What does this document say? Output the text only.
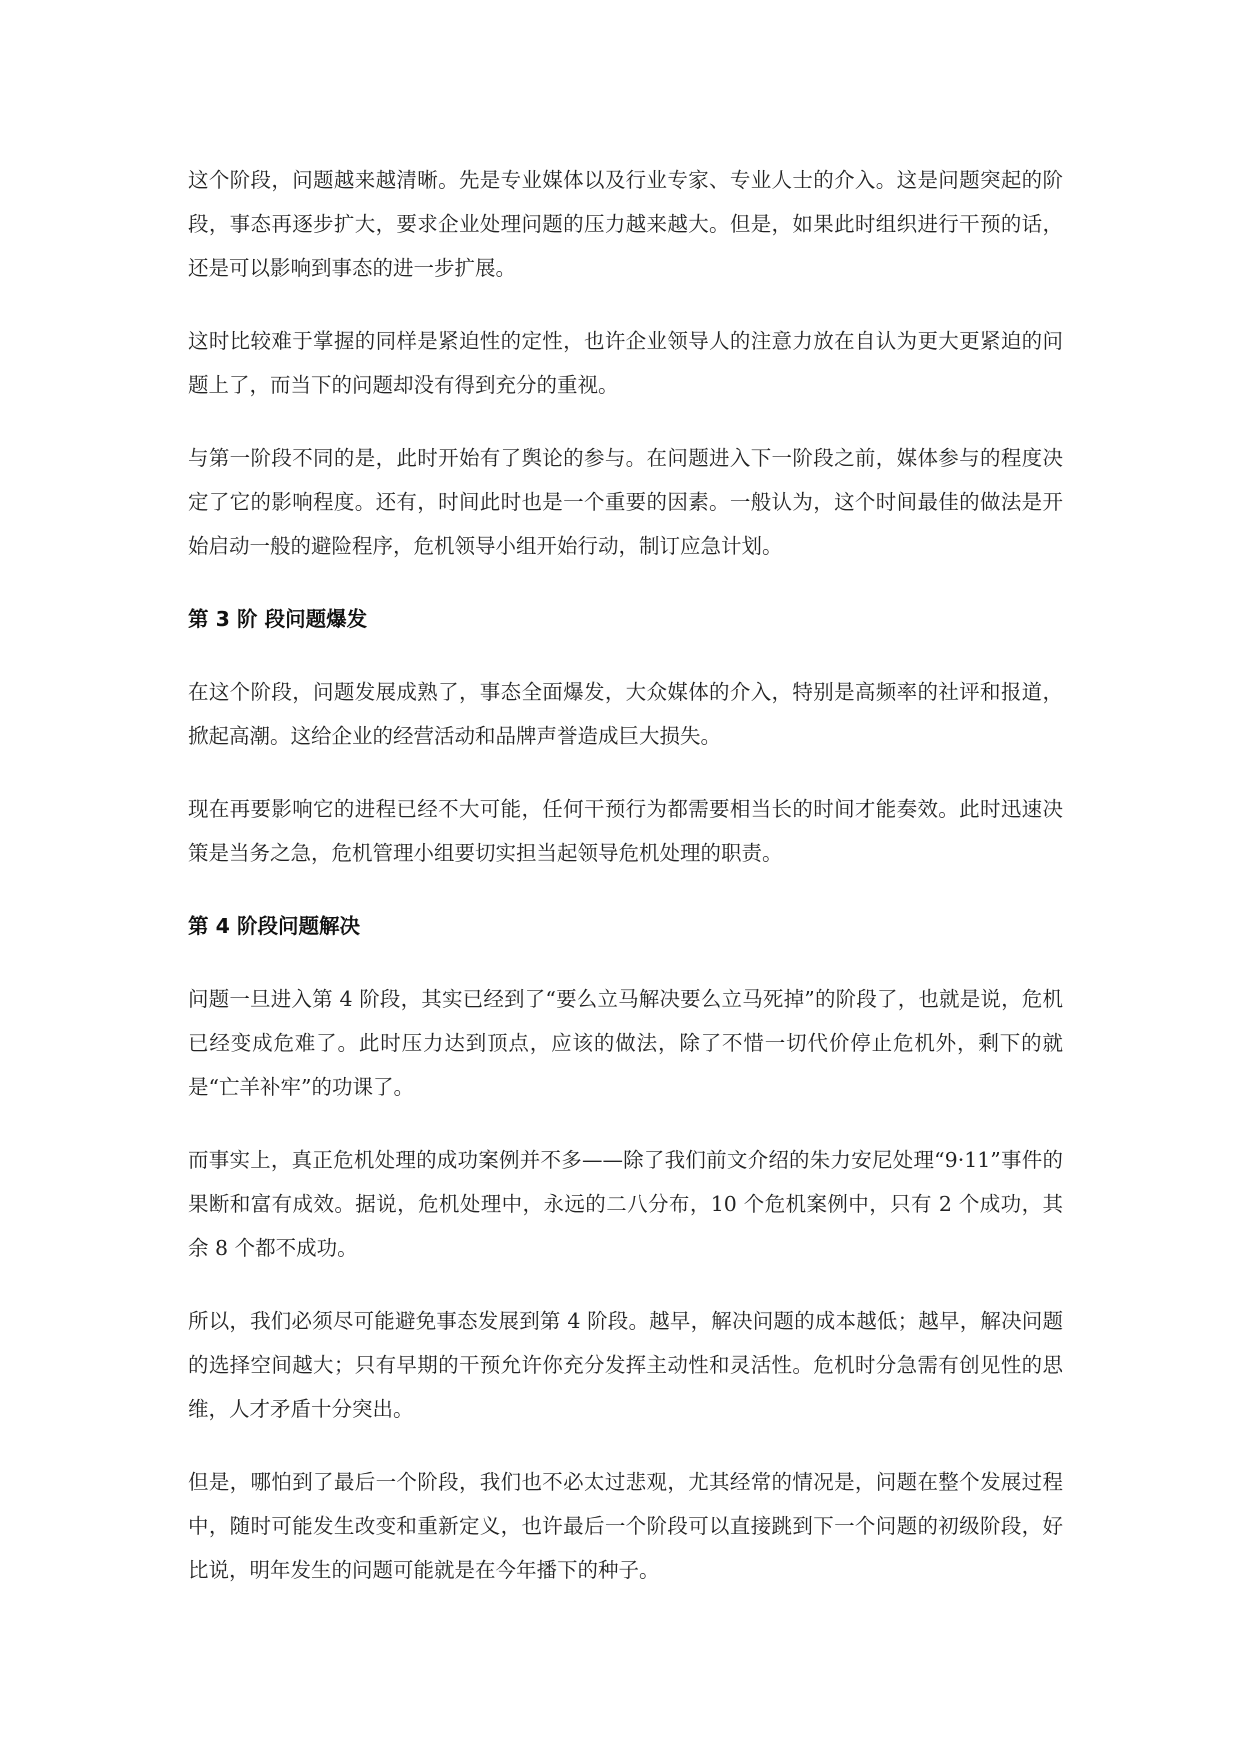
这个阶段，问题越来越清晰。先是专业媒体以及行业专家、专业人士的介入。这是问题突起的阶段，事态再逐步扩大，要求企业处理问题的压力越来越大。但是，如果此时组织进行干预的话，还是可以影响到事态的进一步扩展。

这时比较难于掌握的同样是紧迫性的定性，也许企业领导人的注意力放在自认为更大更紧迫的问题上了，而当下的问题却没有得到充分的重视。

与第一阶段不同的是，此时开始有了舆论的参与。在问题进入下一阶段之前，媒体参与的程度决定了它的影响程度。还有，时间此时也是一个重要的因素。一般认为，这个时间最佳的做法是开始启动一般的避险程序，危机领导小组开始行动，制订应急计划。

第 3 阶 段问题爆发

在这个阶段，问题发展成熟了，事态全面爆发，大众媒体的介入，特别是高频率的社评和报道，掀起高潮。这给企业的经营活动和品牌声誉造成巨大损失。

现在再要影响它的进程已经不大可能，任何干预行为都需要相当长的时间才能奏效。此时迅速决策是当务之急，危机管理小组要切实担当起领导危机处理的职责。

第 4 阶段问题解决

问题一旦进入第 4 阶段，其实已经到了“要么立马解决要么立马死掉”的阶段了，也就是说，危机已经变成危难了。此时压力达到顶点，应该的做法，除了不惜一切代价停止危机外，剩下的就是“亡羊补牢”的功课了。

而事实上，真正危机处理的成功案例并不多——除了我们前文介绍的朱力安尼处理“9·11”事件的果断和富有成效。据说，危机处理中，永远的二八分布，10 个危机案例中，只有 2 个成功，其余 8 个都不成功。

所以，我们必须尽可能避免事态发展到第 4 阶段。越早，解决问题的成本越低；越早，解决问题的选择空间越大；只有早期的干预允许你充分发挥主动性和灵活性。危机时分急需有创见性的思维，人才矛盾十分突出。

但是，哪怕到了最后一个阶段，我们也不必太过悲观，尤其经常的情况是，问题在整个发展过程中，随时可能发生改变和重新定义，也许最后一个阶段可以直接跳到下一个问题的初级阶段，好比说，明年发生的问题可能就是在今年播下的种子。
